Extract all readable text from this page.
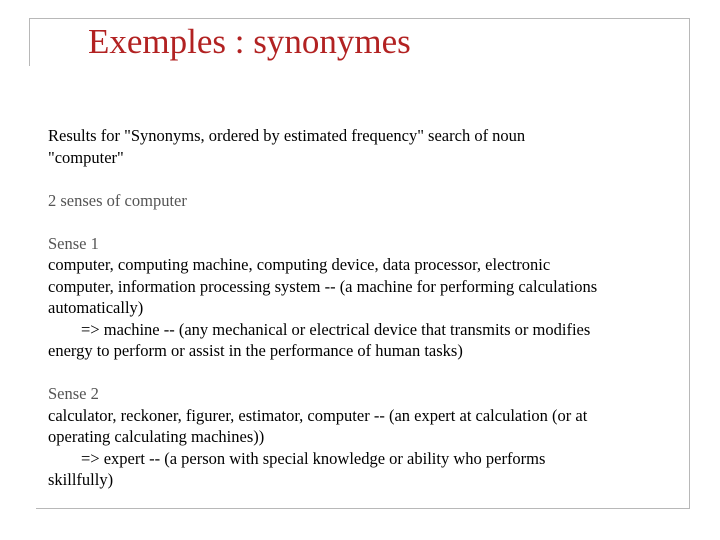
Exemples : synonymes

Results for "Synonyms, ordered by estimated frequency" search of noun

"computer"

2 senses of computer

Sense 1

computer, computing machine, computing device, data processor, electronic

computer, information processing system -- (a machine for performing calculations

automatically)

=> machine -- (any mechanical or electrical device that transmits or modifies

energy to perform or assist in the performance of human tasks)

Sense 2

calculator, reckoner, figurer, estimator, computer -- (an expert at calculation (or at

operating calculating machines))

=> expert -- (a person with special knowledge or ability who performs

skillfully)
